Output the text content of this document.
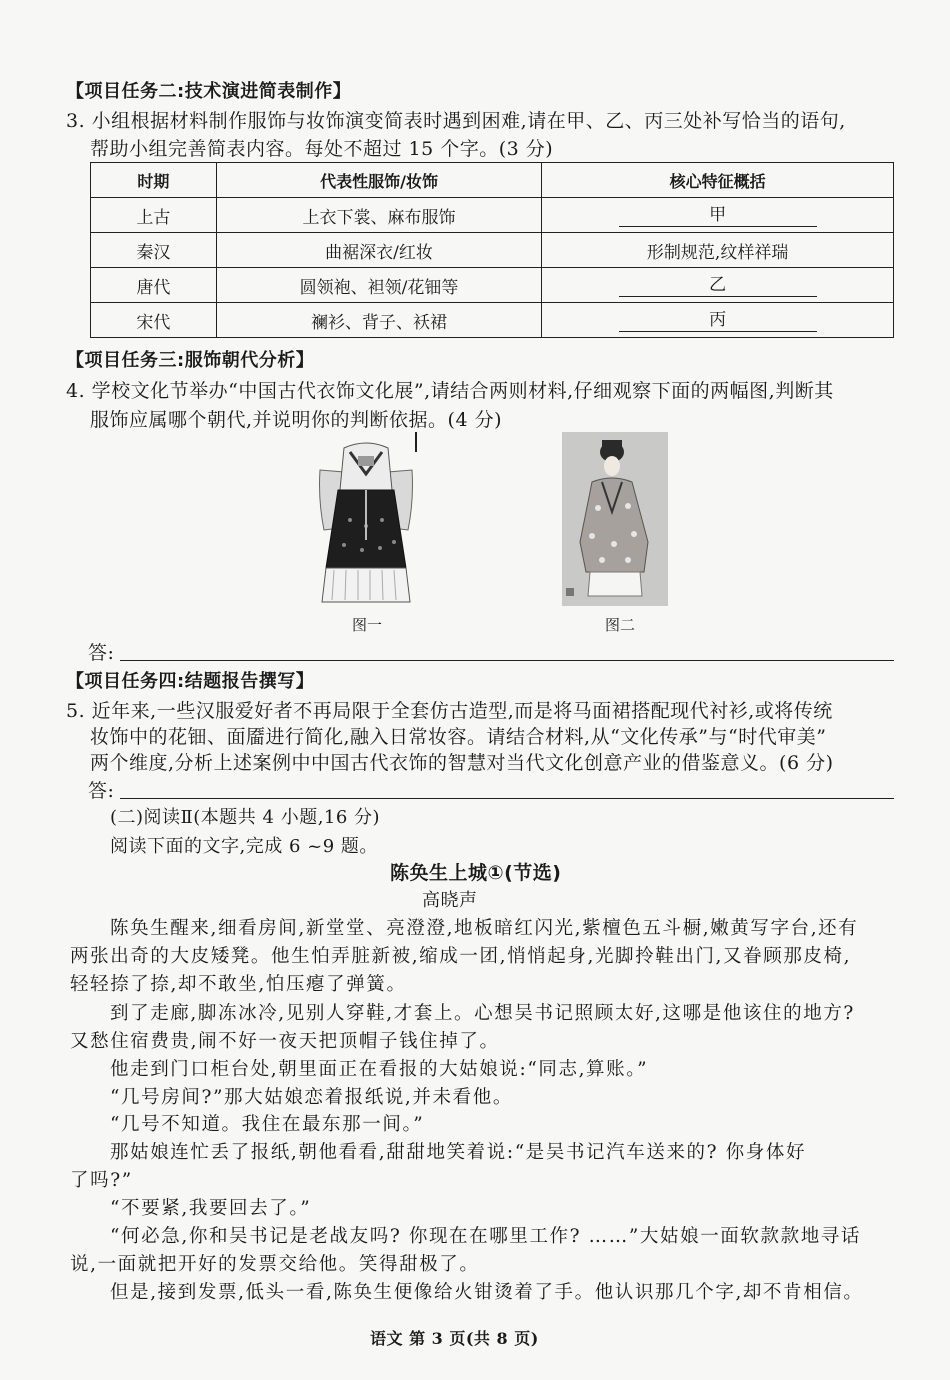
【项目任务二:技术演进简表制作】
3. 小组根据材料制作服饰与妆饰演变简表时遇到困难,请在甲、乙、丙三处补写恰当的语句,
帮助小组完善简表内容。每处不超过 15 个字。(3 分)
时期	代表性服饰/妆饰	核心特征概括
上古	上衣下裳、麻布服饰	甲
秦汉	曲裾深衣/红妆	形制规范,纹样祥瑞
唐代	圆领袍、袒领/花钿等	乙
宋代	襕衫、背子、袄裙	丙
【项目任务三:服饰朝代分析】
4. 学校文化节举办“中国古代衣饰文化展”,请结合两则材料,仔细观察下面的两幅图,判断其
服饰应属哪个朝代,并说明你的判断依据。(4 分)
图一	图二
答:
【项目任务四:结题报告撰写】
5. 近年来,一些汉服爱好者不再局限于全套仿古造型,而是将马面裙搭配现代衬衫,或将传统
妆饰中的花钿、面靥进行简化,融入日常妆容。请结合材料,从“文化传承”与“时代审美”
两个维度,分析上述案例中中国古代衣饰的智慧对当代文化创意产业的借鉴意义。(6 分)
答:
(二)阅读Ⅱ(本题共 4 小题,16 分)
阅读下面的文字,完成 6 ~9 题。
陈奂生上城①(节选)
高晓声
陈奂生醒来,细看房间,新堂堂、亮澄澄,地板暗红闪光,紫檀色五斗橱,嫩黄写字台,还有
两张出奇的大皮矮凳。他生怕弄脏新被,缩成一团,悄悄起身,光脚拎鞋出门,又眷顾那皮椅,
轻轻捺了捺,却不敢坐,怕压瘪了弹簧。
到了走廊,脚冻冰冷,见别人穿鞋,才套上。心想吴书记照顾太好,这哪是他该住的地方?
又愁住宿费贵,闹不好一夜天把顶帽子钱住掉了。
他走到门口柜台处,朝里面正在看报的大姑娘说:“同志,算账。”
“几号房间?”那大姑娘恋着报纸说,并未看他。
“几号不知道。我住在最东那一间。”
那姑娘连忙丢了报纸,朝他看看,甜甜地笑着说:“是吴书记汽车送来的? 你身体好
了吗?”
“不要紧,我要回去了。”
“何必急,你和吴书记是老战友吗? 你现在在哪里工作? ……”大姑娘一面软款款地寻话
说,一面就把开好的发票交给他。笑得甜极了。
但是,接到发票,低头一看,陈奂生便像给火钳烫着了手。他认识那几个字,却不肯相信。
语文 第 3 页(共 8 页)
